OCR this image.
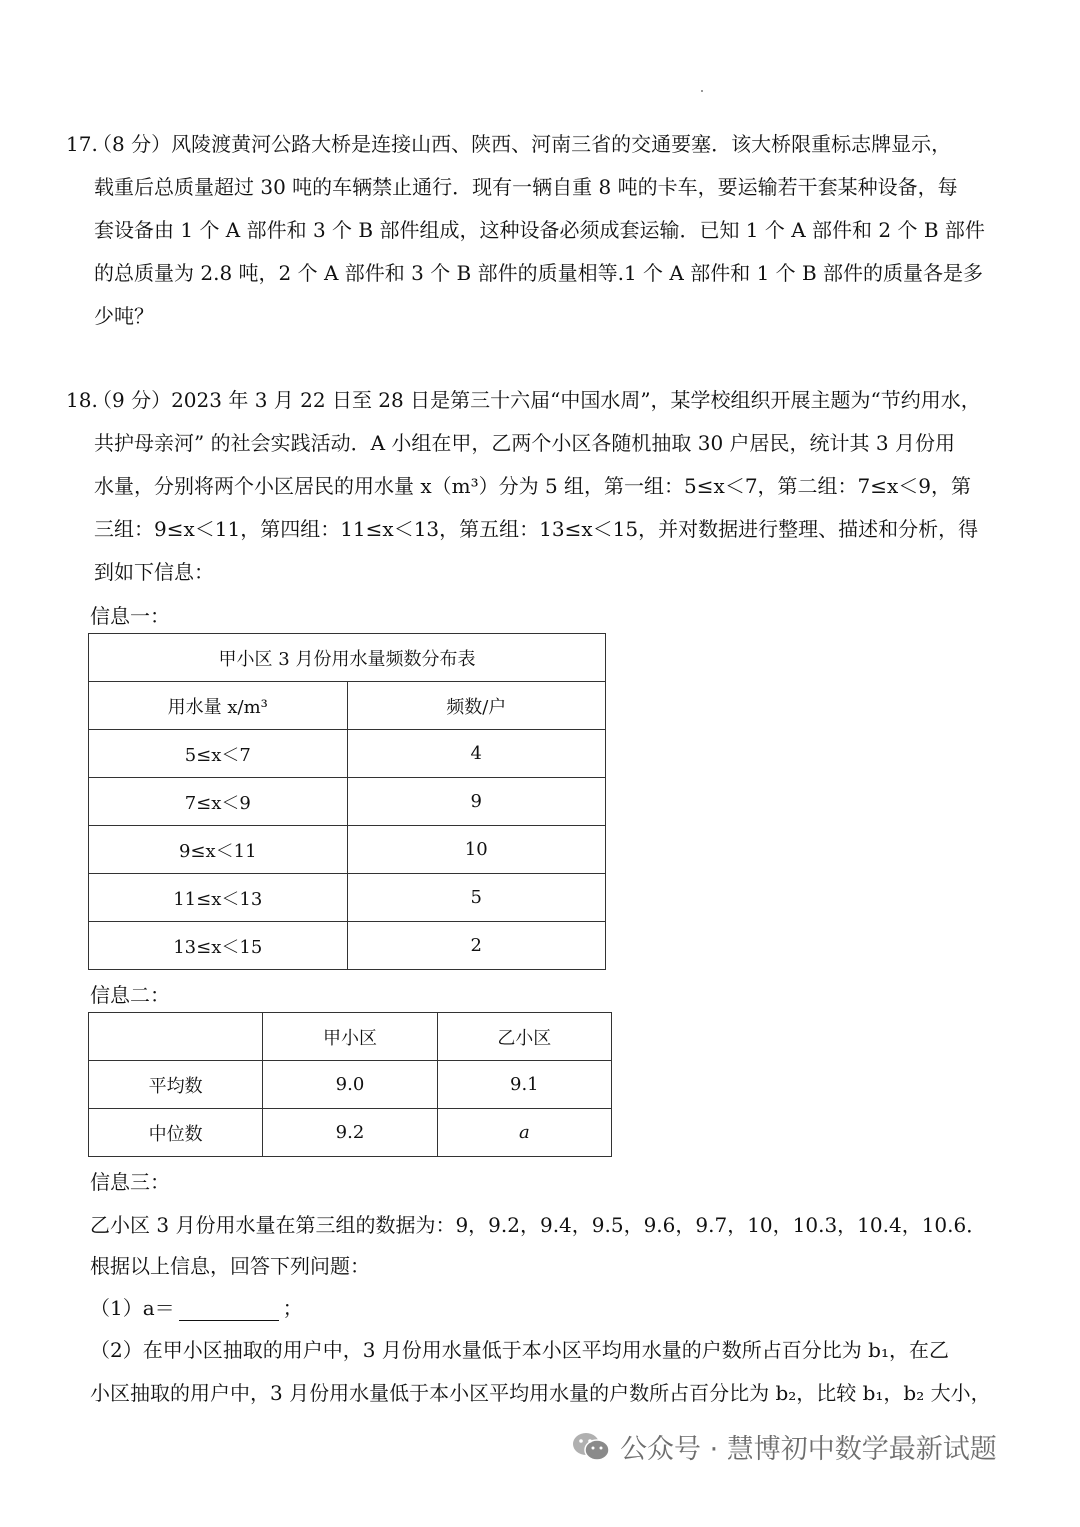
17.（8 分）风陵渡黄河公路大桥是连接山西、陕西、河南三省的交通要塞．该大桥限重标志牌显示，
载重后总质量超过 30 吨的车辆禁止通行．现有一辆自重 8 吨的卡车，要运输若干套某种设备，每
套设备由 1 个 A 部件和 3 个 B 部件组成，这种设备必须成套运输．已知 1 个 A 部件和 2 个 B 部件
的总质量为 2.8 吨，2 个 A 部件和 3 个 B 部件的质量相等.1 个 A 部件和 1 个 B 部件的质量各是多
少吨？
18.（9 分）2023 年 3 月 22 日至 28 日是第三十六届“中国水周”，某学校组织开展主题为“节约用水，
共护母亲河” 的社会实践活动．A 小组在甲，乙两个小区各随机抽取 30 户居民，统计其 3 月份用
水量，分别将两个小区居民的用水量 x（m³）分为 5 组，第一组：5≤x＜7，第二组：7≤x＜9，第
三组：9≤x＜11，第四组：11≤x＜13，第五组：13≤x＜15，并对数据进行整理、描述和分析，得
到如下信息：
信息一：
甲小区 3 月份用水量频数分布表	
用水量 x/m³	频数/户
5≤x＜7	4
7≤x＜9	9
9≤x＜11	10
11≤x＜13	5
13≤x＜15	2
信息二：
	甲小区	乙小区
平均数	9.0	9.1
中位数	9.2	a
信息三：
乙小区 3 月份用水量在第三组的数据为：9，9.2，9.4，9.5，9.6，9.7，10，10.3，10.4，10.6．
根据以上信息，回答下列问题：
（1）a＝	；
（2）在甲小区抽取的用户中，3 月份用水量低于本小区平均用水量的户数所占百分比为 b₁，在乙
小区抽取的用户中，3 月份用水量低于本小区平均用水量的户数所占百分比为 b₂，比较 b₁，b₂ 大小，
公众号 · 慧博初中数学最新试题
